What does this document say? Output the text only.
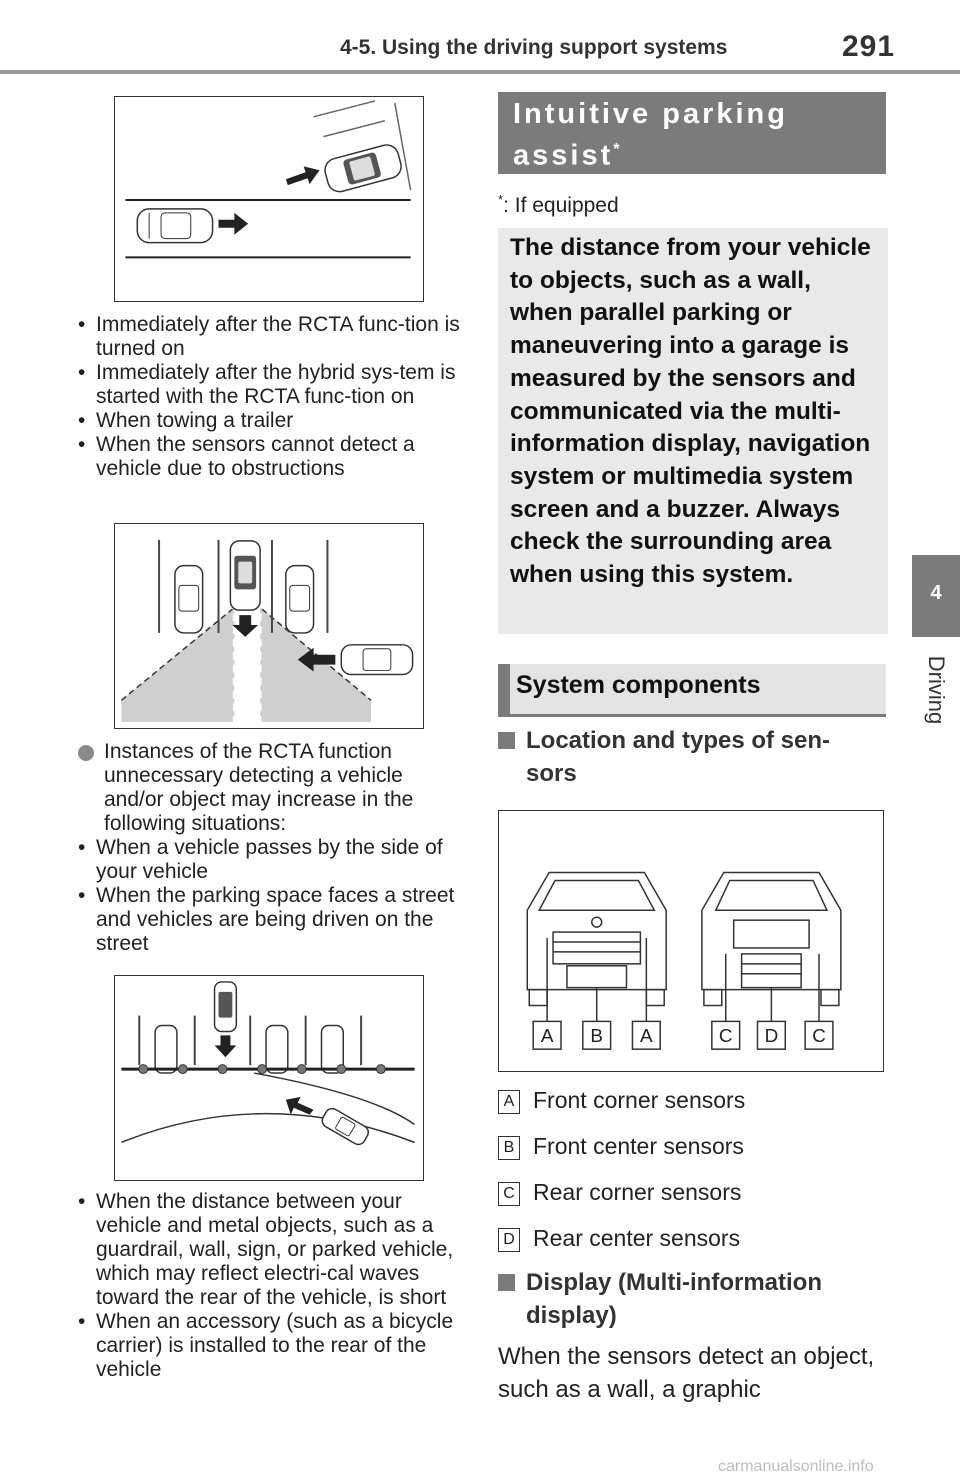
4-5. Using the driving support systems	291
4
Driving
• Immediately after the RCTA func-tion is turned on
• Immediately after the hybrid sys-tem is started with the RCTA func-tion on
• When towing a trailer
• When the sensors cannot detect a vehicle due to obstructions
Instances of the RCTA function unnecessary detecting a vehicle and/or object may increase in the following situations:
• When a vehicle passes by the side of your vehicle
• When the parking space faces a street and vehicles are being driven on the street
• When the distance between your vehicle and metal objects, such as a guardrail, wall, sign, or parked vehicle, which may reflect electri-cal waves toward the rear of the vehicle, is short
• When an accessory (such as a bicycle carrier) is installed to the rear of the vehicle
Intuitive parking assist*
*: If equipped
The distance from your vehicle to objects, such as a wall, when parallel parking or maneuvering into a garage is measured by the sensors and communicated via the multi-information display, navigation system or multimedia system screen and a buzzer. Always check the surrounding area when using this system.
System components
Location and types of sen-sors
A B A	C D C
A Front corner sensors
B Front center sensors
C Rear corner sensors
D Rear center sensors
Display (Multi-information display)
When the sensors detect an object, such as a wall, a graphic
carmanualsonline.info
